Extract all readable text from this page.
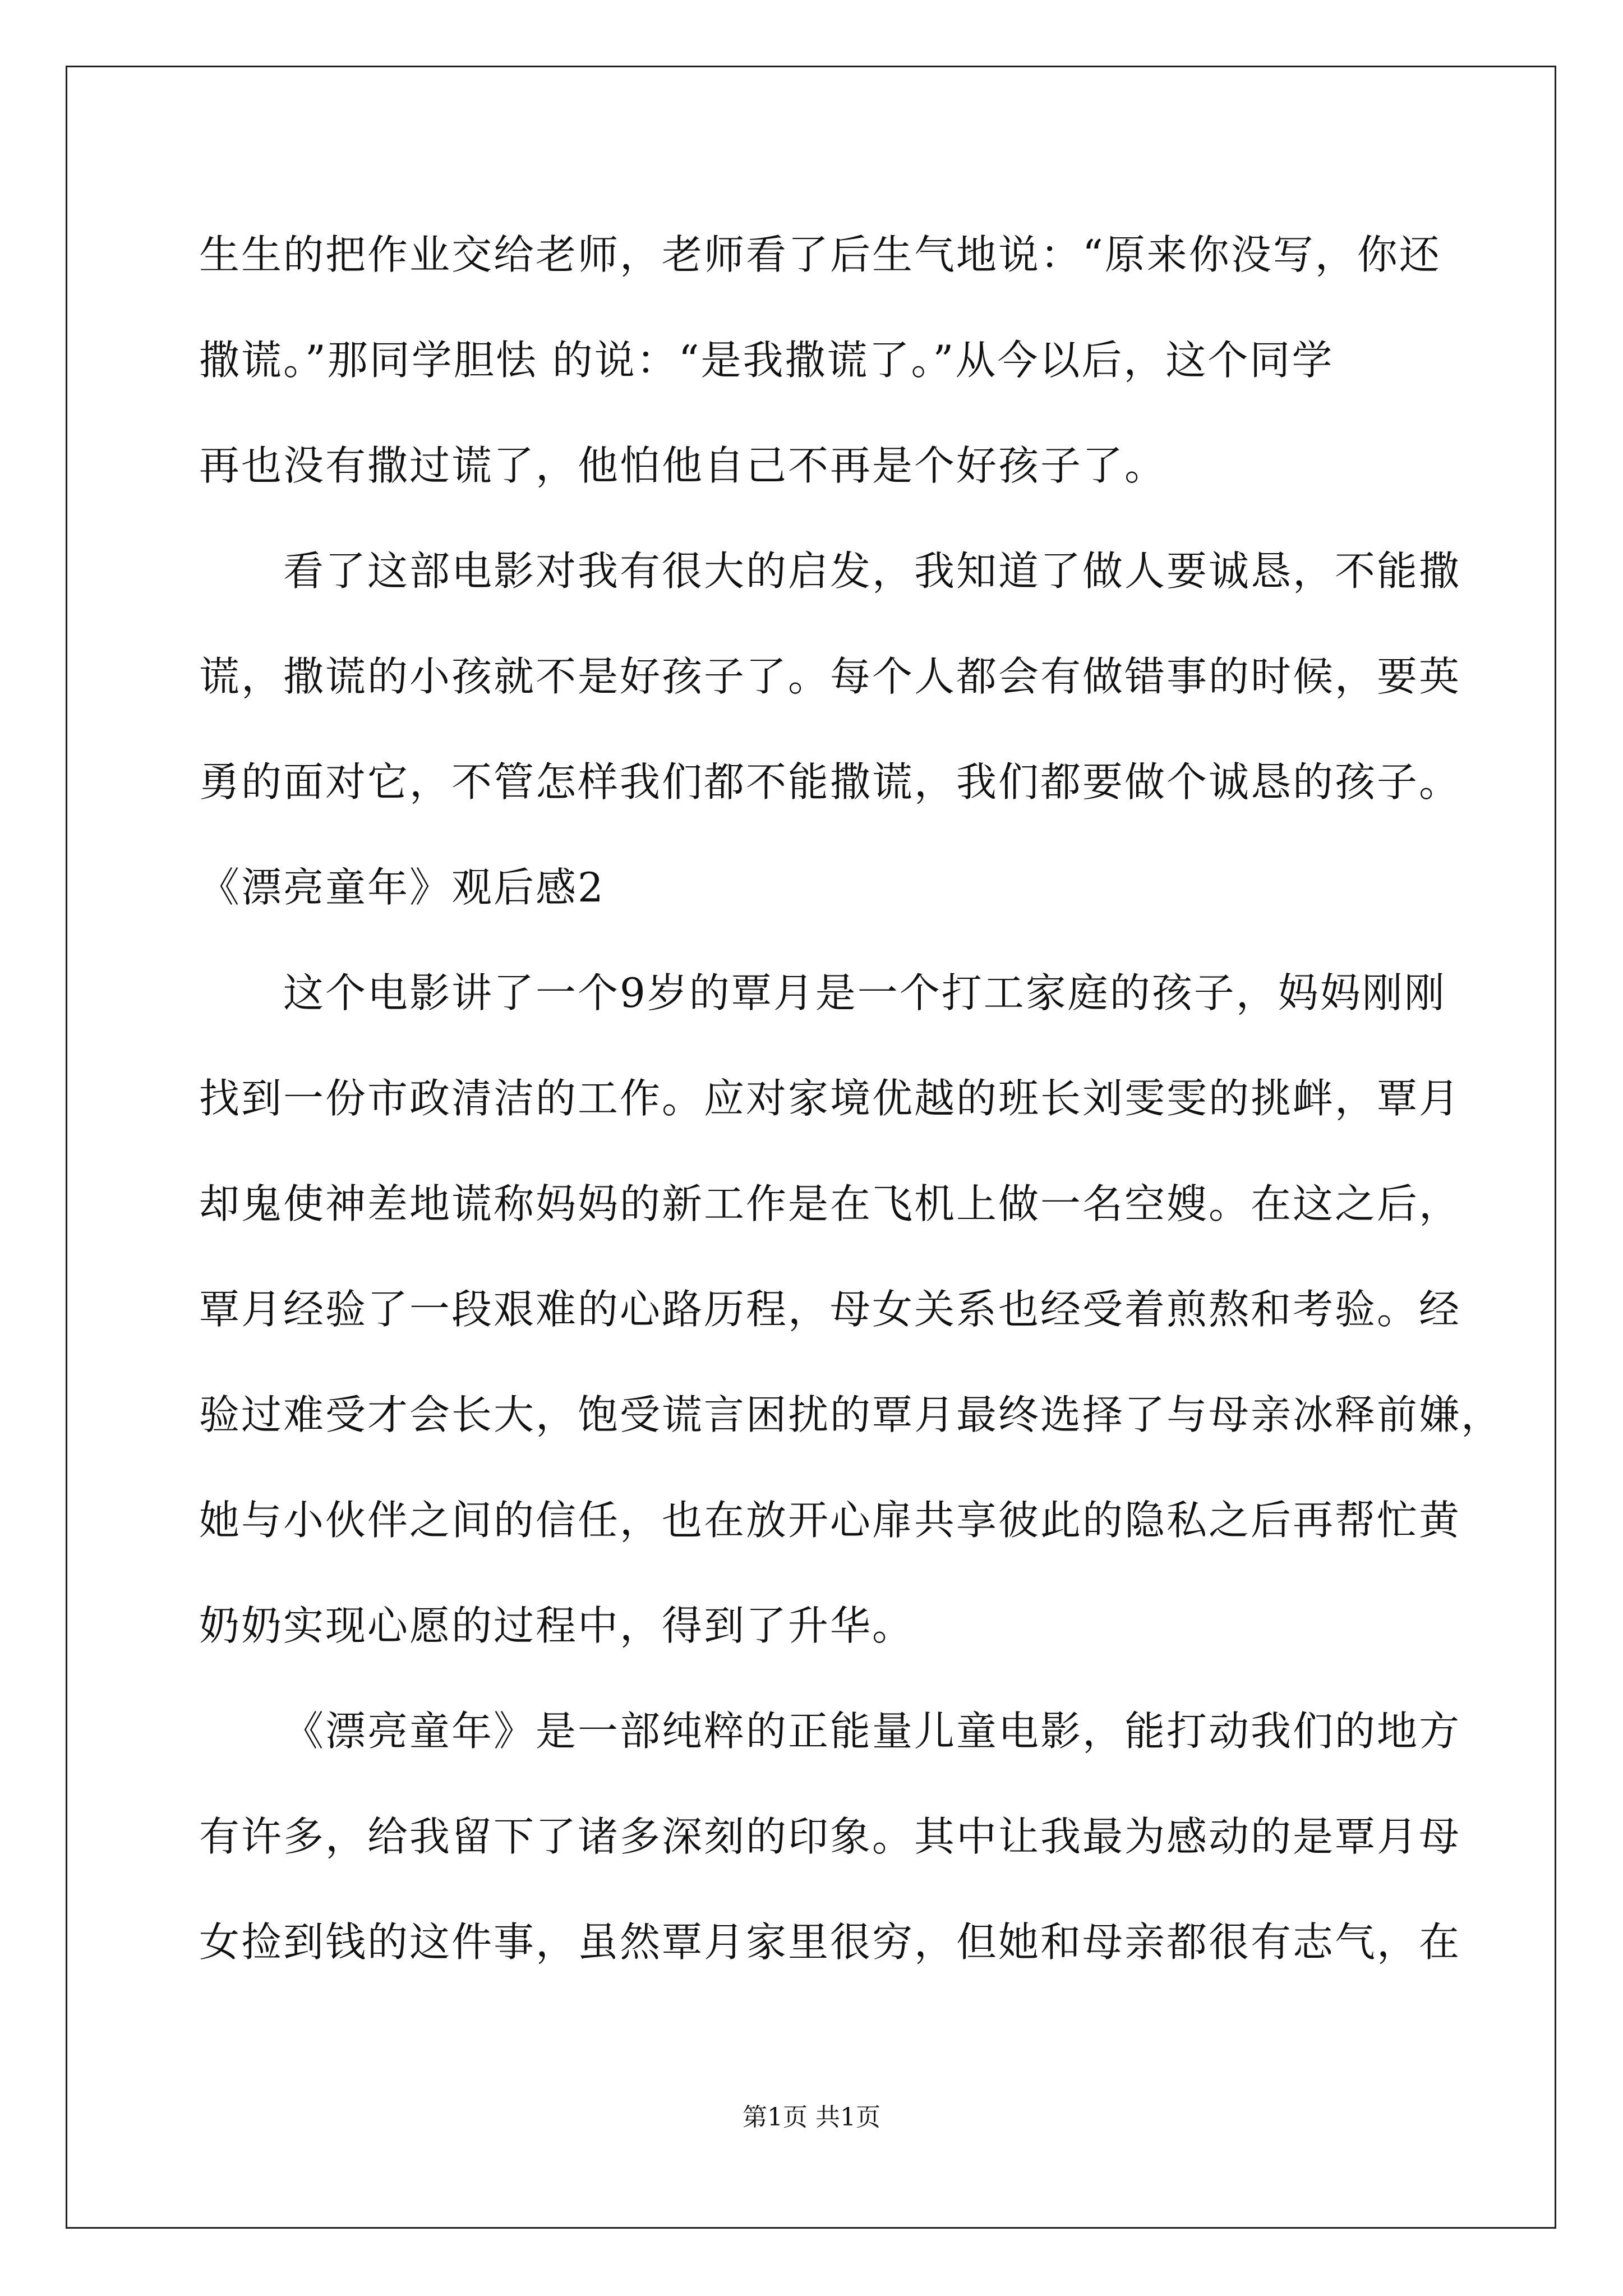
生生的把作业交给老师，老师看了后生气地说：“原来你没写，你还
撒谎。”那同学胆怯 的说：“是我撒谎了。”从今以后，这个同学
再也没有撒过谎了，他怕他自己不再是个好孩子了。
看了这部电影对我有很大的启发，我知道了做人要诚恳，不能撒
谎，撒谎的小孩就不是好孩子了。每个人都会有做错事的时候，要英
勇的面对它，不管怎样我们都不能撒谎，我们都要做个诚恳的孩子。
《漂亮童年》观后感2
这个电影讲了一个9岁的覃月是一个打工家庭的孩子，妈妈刚刚
找到一份市政清洁的工作。应对家境优越的班长刘雯雯的挑衅，覃月
却鬼使神差地谎称妈妈的新工作是在飞机上做一名空嫂。在这之后，
覃月经验了一段艰难的心路历程，母女关系也经受着煎熬和考验。经
验过难受才会长大，饱受谎言困扰的覃月最终选择了与母亲冰释前嫌，
她与小伙伴之间的信任，也在放开心扉共享彼此的隐私之后再帮忙黄
奶奶实现心愿的过程中，得到了升华。
《漂亮童年》是一部纯粹的正能量儿童电影，能打动我们的地方
有许多，给我留下了诸多深刻的印象。其中让我最为感动的是覃月母
女捡到钱的这件事，虽然覃月家里很穷，但她和母亲都很有志气，在
第1页 共1页
